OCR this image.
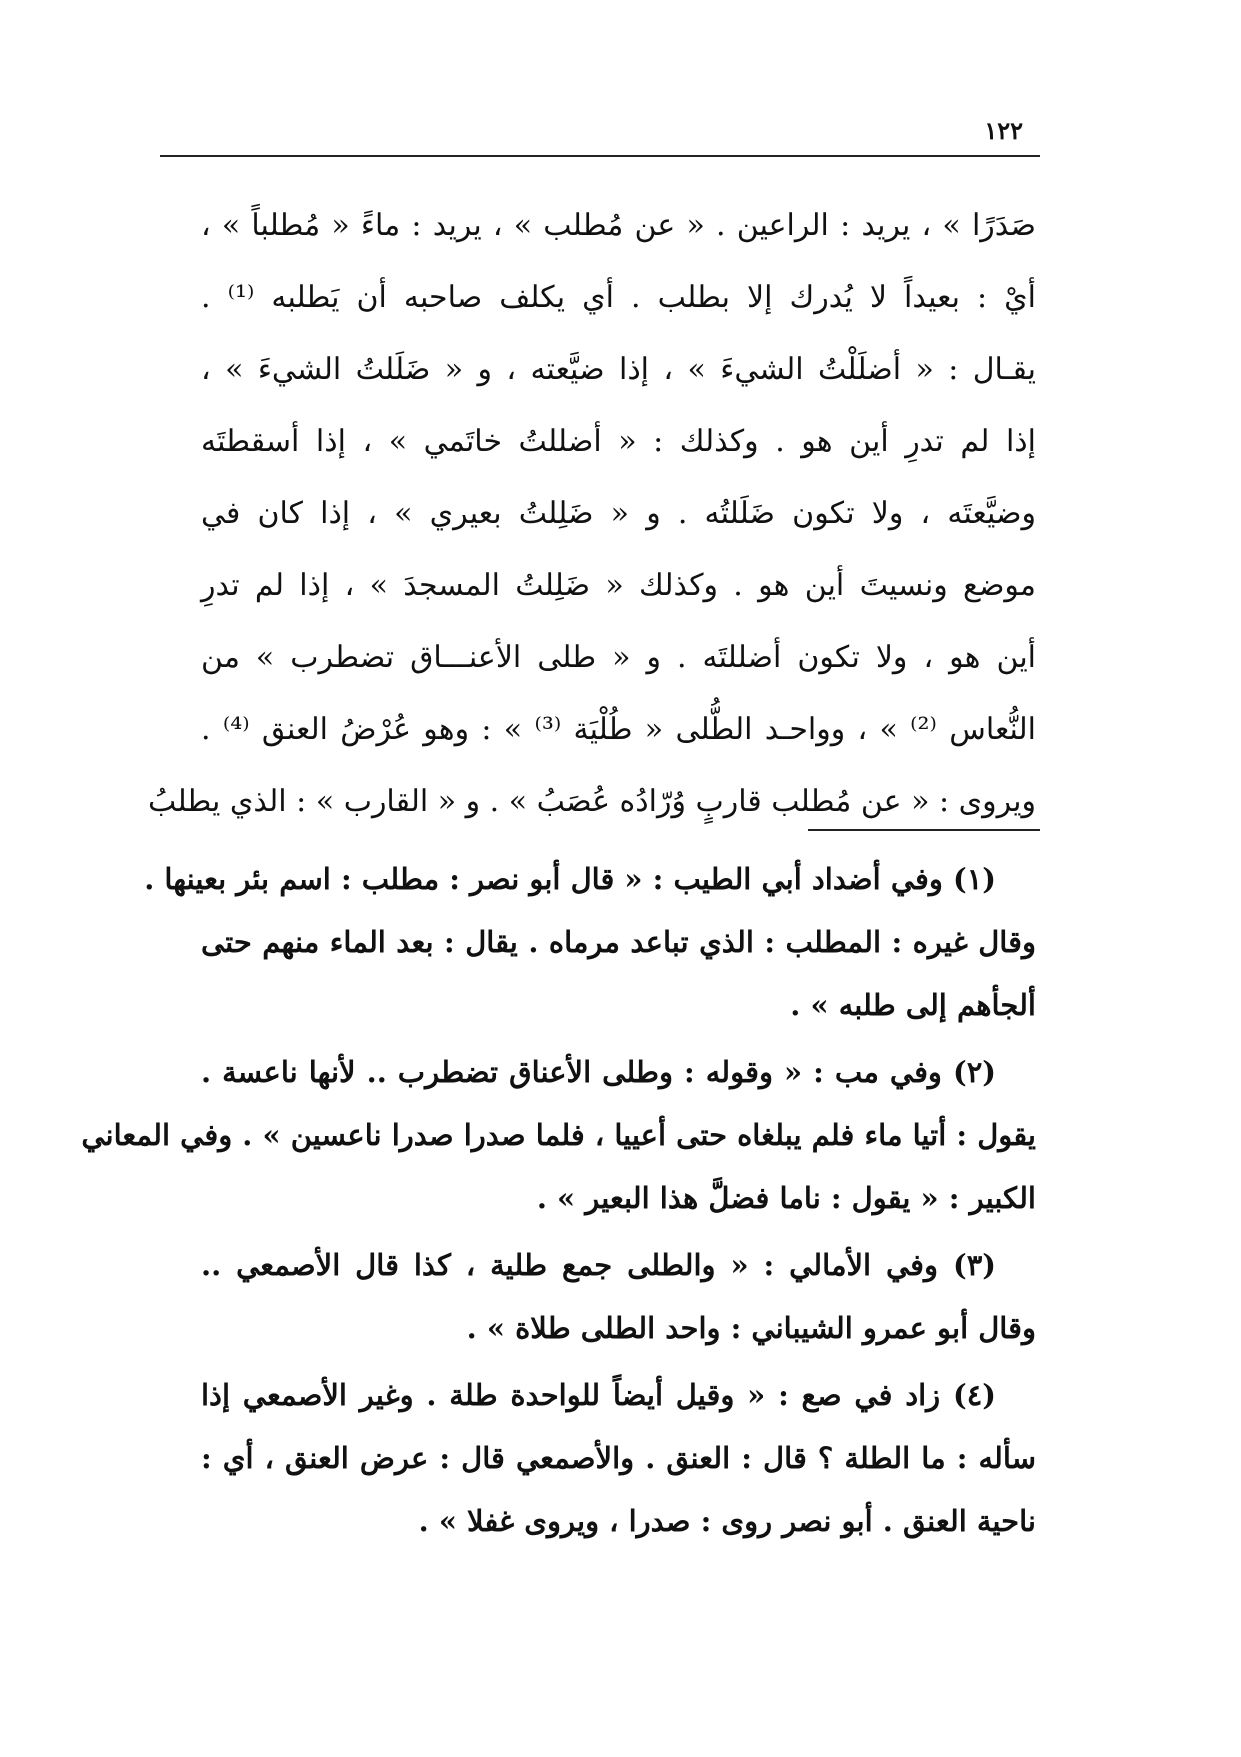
١٢٢
صَدَرًا » ، يريد : الراعين . « عن مُطلب » ، يريد : ماءً « مُطلباً » ،
أيْ : بعيداً لا يُدرك إلا بطلب . أي يكلف صاحبه أن يَطلبه ⁽¹⁾ .
يقـال : « أضلَلْتُ الشيءَ » ، إذا ضيَّعته ، و « ضَلَلتُ الشيءَ » ،
إذا لم تدرِ أين هو . وكذلك : « أضللتُ خاتَمي » ، إذا أسقطتَه
وضيَّعتَه ، ولا تكون ضَلَلتُه . و « ضَلِلتُ بعيري » ، إذا كان في
موضع ونسيتَ أين هو . وكذلك « ضَلِلتُ المسجدَ » ، إذا لم تدرِ
أين هو ، ولا تكون أضللتَه . و « طلى الأعنـــاق تضطرب » من
النُّعاس ⁽²⁾ » ، وواحـد الطُّلى « طُلْيَة ⁽³⁾ » : وهو عُرْضُ العنق ⁽⁴⁾ .
ويروى : « عن مُطلب قاربٍ وُرّادُه عُصَبُ » . و « القارب » : الذي يطلبُ
(١) وفي أضداد أبي الطيب : « قال أبو نصر : مطلب : اسم بئر بعينها .
وقال غيره : المطلب : الذي تباعد مرماه . يقال : بعد الماء منهم حتى
ألجأهم إلى طلبه » .
(٢) وفي مب : « وقوله : وطلى الأعناق تضطرب .. لأنها ناعسة .
يقول : أتيا ماء فلم يبلغاه حتى أعييا ، فلما صدرا صدرا ناعسين » . وفي المعاني
الكبير : « يقول : ناما فضلَّ هذا البعير » .
(٣) وفي الأمالي : « والطلى جمع طلية ، كذا قال الأصمعي ..
وقال أبو عمرو الشيباني : واحد الطلى طلاة » .
(٤) زاد في صع : « وقيل أيضاً للواحدة طلة . وغير الأصمعي إذا
سأله : ما الطلة ؟ قال : العنق . والأصمعي قال : عرض العنق ، أي :
ناحية العنق . أبو نصر روى : صدرا ، ويروى غفلا » .
